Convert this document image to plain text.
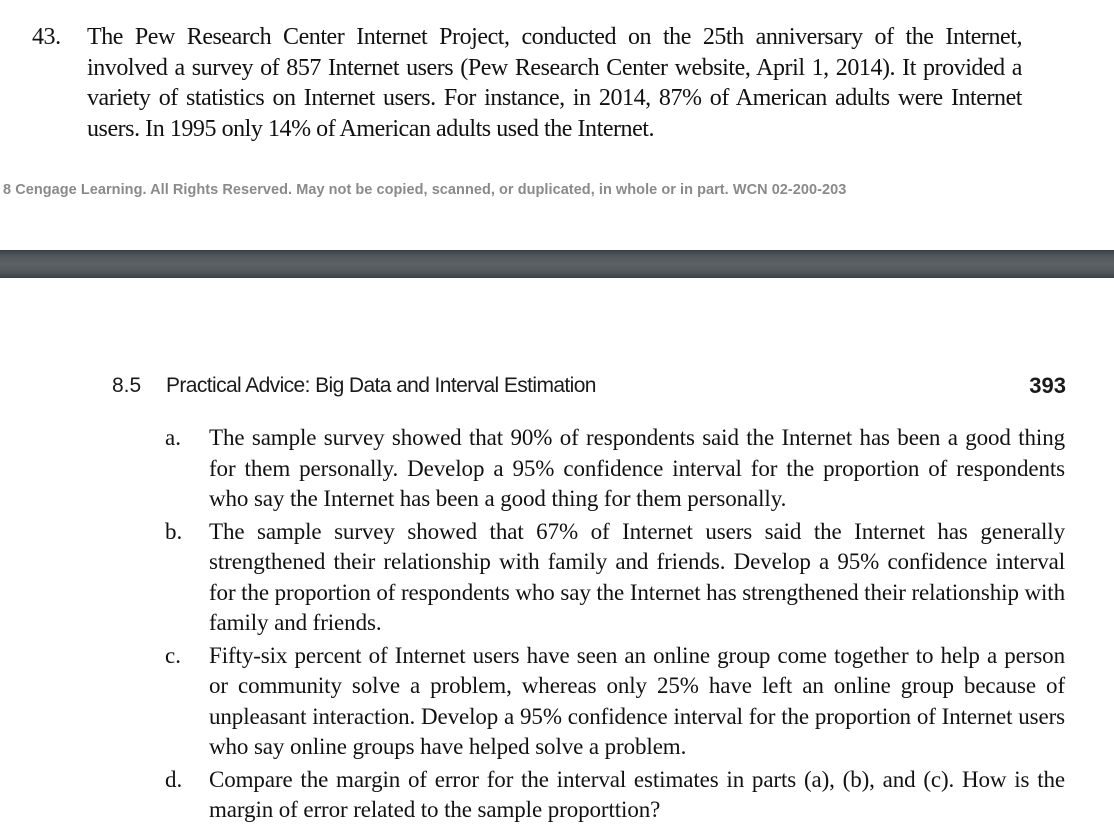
43. The Pew Research Center Internet Project, conducted on the 25th anniversary of the Internet, involved a survey of 857 Internet users (Pew Research Center website, April 1, 2014). It provided a variety of statistics on Internet users. For instance, in 2014, 87% of American adults were Internet users. In 1995 only 14% of American adults used the Internet.
8 Cengage Learning. All Rights Reserved. May not be copied, scanned, or duplicated, in whole or in part. WCN 02-200-203
8.5 Practical Advice: Big Data and Interval Estimation	393
a. The sample survey showed that 90% of respondents said the Internet has been a good thing for them personally. Develop a 95% confidence interval for the proportion of respondents who say the Internet has been a good thing for them personally.
b. The sample survey showed that 67% of Internet users said the Internet has generally strengthened their relationship with family and friends. Develop a 95% confidence interval for the proportion of respondents who say the Internet has strengthened their relationship with family and friends.
c. Fifty-six percent of Internet users have seen an online group come together to help a person or community solve a problem, whereas only 25% have left an online group because of unpleasant interaction. Develop a 95% confidence interval for the proportion of Internet users who say online groups have helped solve a problem.
d. Compare the margin of error for the interval estimates in parts (a), (b), and (c). How is the margin of error related to the sample proporttion?
